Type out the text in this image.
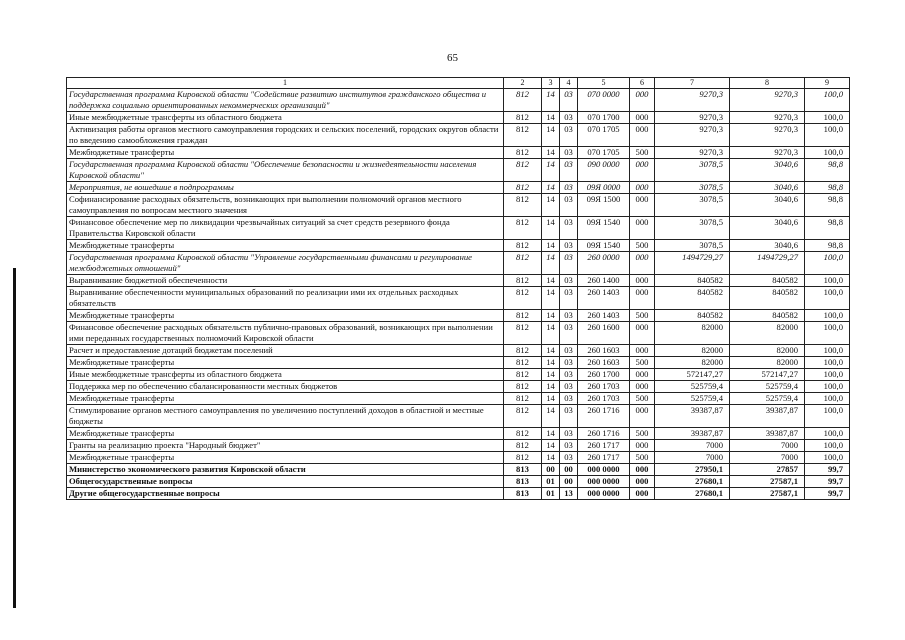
65
1	2	3	4	5	6	7	8	9
Государственная программа Кировской области "Содействие развитию институтов гражданского общества и поддержка социально ориентированных некоммерческих организаций"	812	14	03	070 0000	000	9270,3	9270,3	100,0
Иные межбюджетные трансферты из областного бюджета	812	14	03	070 1700	000	9270,3	9270,3	100,0
Активизация работы органов местного самоуправления городских и сельских поселений, городских округов области по введению самообложения граждан	812	14	03	070 1705	000	9270,3	9270,3	100,0
Межбюджетные трансферты	812	14	03	070 1705	500	9270,3	9270,3	100,0
Государственная программа Кировской области "Обеспечение безопасности и жизнедеятельности населения Кировской области"	812	14	03	090 0000	000	3078,5	3040,6	98,8
Мероприятия, не вошедшие в подпрограммы	812	14	03	09Я 0000	000	3078,5	3040,6	98,8
Софинансирование расходных обязательств, возникающих при выполнении полномочий органов местного самоуправления по вопросам местного значения	812	14	03	09Я 1500	000	3078,5	3040,6	98,8
Финансовое обеспечение мер по ликвидации чрезвычайных ситуаций за счет средств резервного фонда Правительства Кировской области	812	14	03	09Я 1540	000	3078,5	3040,6	98,8
Межбюджетные трансферты	812	14	03	09Я 1540	500	3078,5	3040,6	98,8
Государственная программа Кировской области "Управление государственными финансами и регулирование межбюджетных отношений"	812	14	03	260 0000	000	1494729,27	1494729,27	100,0
Выравнивание бюджетной обеспеченности	812	14	03	260 1400	000	840582	840582	100,0
Выравнивание обеспеченности муниципальных образований по реализации ими их отдельных расходных обязательств	812	14	03	260 1403	000	840582	840582	100,0
Межбюджетные трансферты	812	14	03	260 1403	500	840582	840582	100,0
Финансовое обеспечение расходных обязательств публично-правовых образований, возникающих при выполнении ими переданных государственных полномочий Кировской области	812	14	03	260 1600	000	82000	82000	100,0
Расчет и предоставление дотаций бюджетам поселений	812	14	03	260 1603	000	82000	82000	100,0
Межбюджетные трансферты	812	14	03	260 1603	500	82000	82000	100,0
Иные межбюджетные трансферты из областного бюджета	812	14	03	260 1700	000	572147,27	572147,27	100,0
Поддержка мер по обеспечению сбалансированности местных бюджетов	812	14	03	260 1703	000	525759,4	525759,4	100,0
Межбюджетные трансферты	812	14	03	260 1703	500	525759,4	525759,4	100,0
Стимулирование органов местного самоуправления по увеличению поступлений доходов в областной и местные бюджеты	812	14	03	260 1716	000	39387,87	39387,87	100,0
Межбюджетные трансферты	812	14	03	260 1716	500	39387,87	39387,87	100,0
Гранты на реализацию проекта "Народный бюджет"	812	14	03	260 1717	000	7000	7000	100,0
Межбюджетные трансферты	812	14	03	260 1717	500	7000	7000	100,0
Министерство экономического развития Кировской области	813	00	00	000 0000	000	27950,1	27857	99,7
Общегосударственные вопросы	813	01	00	000 0000	000	27680,1	27587,1	99,7
Другие общегосударственные вопросы	813	01	13	000 0000	000	27680,1	27587,1	99,7
